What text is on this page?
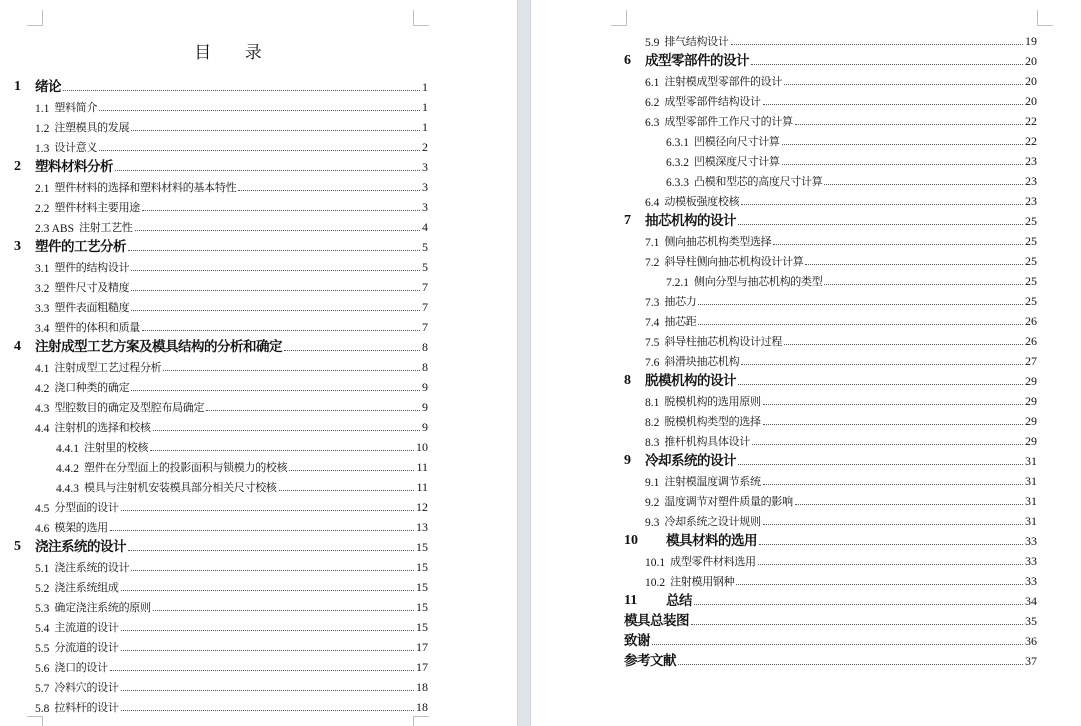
目 录
1	绪论	1
1.1 塑料简介	1
1.2 注塑模具的发展	1
1.3 设计意义	2
2	塑料材料分析	3
2.1 塑件材料的选择和塑料材料的基本特性	3
2.2 塑件材料主要用途	3
2.3 ABS 注射工艺性	4
3	塑件的工艺分析	5
3.1 塑件的结构设计	5
3.2 塑件尺寸及精度	7
3.3 塑件表面粗糙度	7
3.4 塑件的体积和质量	7
4	注射成型工艺方案及模具结构的分析和确定	8
4.1 注射成型工艺过程分析	8
4.2 浇口种类的确定	9
4.3 型腔数目的确定及型腔布局确定	9
4.4 注射机的选择和校核	9
4.4.1 注射里的校核	10
4.4.2 塑件在分型面上的投影面积与锁模力的校核	11
4.4.3 模具与注射机安装模具部分相关尺寸校核	11
4.5 分型面的设计	12
4.6 模架的选用	13
5	浇注系统的设计	15
5.1 浇注系统的设计	15
5.2 浇注系统组成	15
5.3 确定浇注系统的原则	15
5.4 主流道的设计	15
5.5 分流道的设计	17
5.6 浇口的设计	17
5.7 冷料穴的设计	18
5.8 拉料杆的设计	18
5.9 排气结构设计	19
6	成型零部件的设计	20
6.1 注射模成型零部件的设计	20
6.2 成型零部件结构设计	20
6.3 成型零部件工作尺寸的计算	22
6.3.1 凹模径向尺寸计算	22
6.3.2 凹模深度尺寸计算	23
6.3.3 凸模和型芯的高度尺寸计算	23
6.4 动模板强度校核	23
7	抽芯机构的设计	25
7.1 侧向抽芯机构类型选择	25
7.2 斜导柱侧向抽芯机构设计计算	25
7.2.1 侧向分型与抽芯机构的类型	25
7.3 抽芯力	25
7.4 抽芯距	26
7.5 斜导柱抽芯机构设计过程	26
7.6 斜滑块抽芯机构	27
8	脱模机构的设计	29
8.1 脱模机构的选用原则	29
8.2 脱模机构类型的选择	29
8.3 推杆机构具体设计	29
9	冷却系统的设计	31
9.1 注射模温度调节系统	31
9.2 温度调节对塑件质量的影响	31
9.3 冷却系统之设计规则	31
10	模具材料的选用	33
10.1 成型零件材料选用	33
10.2 注射模用钢种	33
11	总结	34
模具总装图	35
致谢	36
参考文献	37
